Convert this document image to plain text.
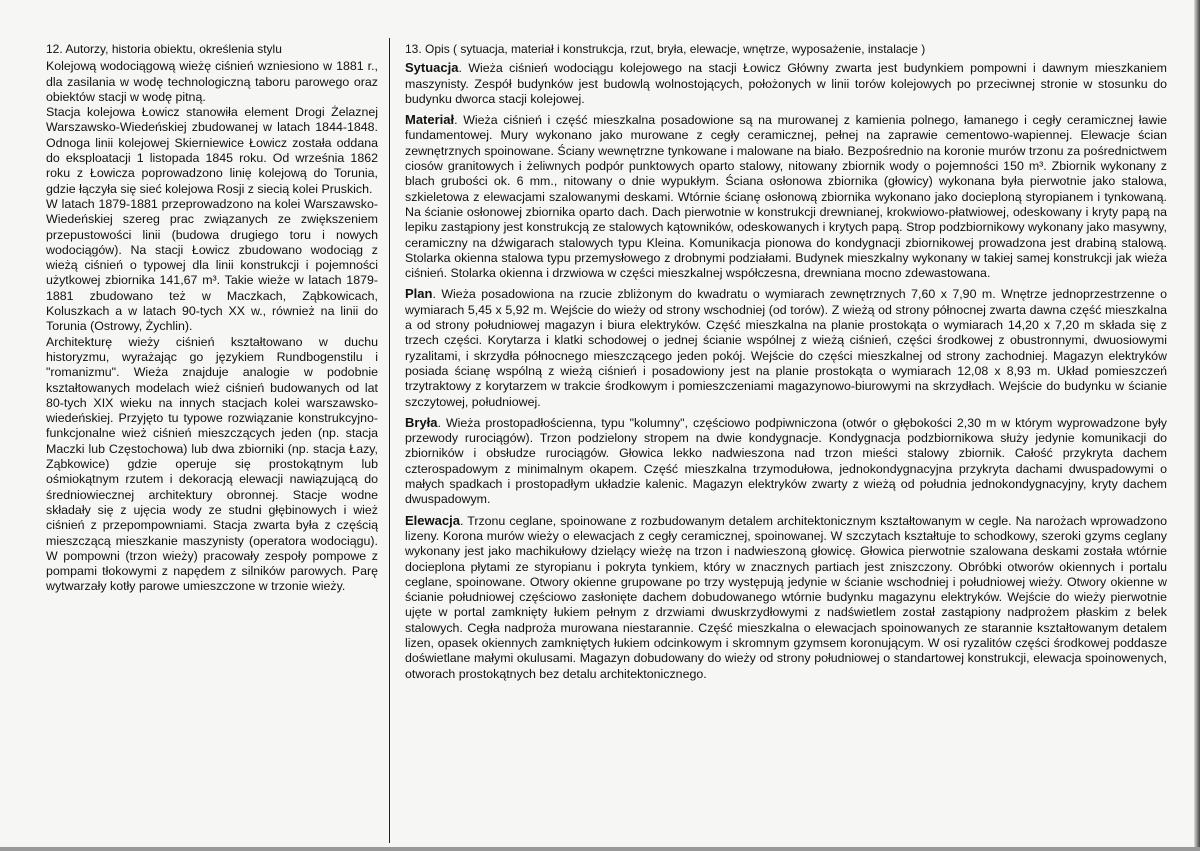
12. Autorzy, historia obiektu, określenia stylu

Kolejową wodociągową wieżę ciśnień wzniesiono w 1881 r., dla zasilania w wodę technologiczną taboru parowego oraz obiektów stacji w wodę pitną.

Stacja kolejowa Łowicz stanowiła element Drogi Żelaznej Warszawsko-Wiedeńskiej zbudowanej w latach 1844-1848. Odnoga linii kolejowej Skierniewice Łowicz została oddana do eksploatacji 1 listopada 1845 roku. Od września 1862 roku z Łowicza poprowadzono linię kolejową do Torunia, gdzie łączyła się sieć kolejowa Rosji z siecią kolei Pruskich.

W latach 1879-1881 przeprowadzono na kolei Warszawsko-Wiedeńskiej szereg prac związanych ze zwiększeniem przepustowości linii (budowa drugiego toru i nowych wodociągów). Na stacji Łowicz zbudowano wodociąg z wieżą ciśnień o typowej dla linii konstrukcji i pojemności użytkowej zbiornika 141,67 m³. Takie wieże w latach 1879-1881 zbudowano też w Maczkach, Ząbkowicach, Koluszkach a w latach 90-tych XX w., również na linii do Torunia (Ostrowy, Żychlin).

Architekturę wieży ciśnień kształtowano w duchu historyzmu, wyrażając go językiem Rundbogenstilu i "romanizmu". Wieża znajduje analogie w podobnie kształtowanych modelach wież ciśnień budowanych od lat 80-tych XIX wieku na innych stacjach kolei warszawsko-wiedeńskiej. Przyjęto tu typowe rozwiązanie konstrukcyjno-funkcjonalne wież ciśnień mieszczących jeden (np. stacja Maczki lub Częstochowa) lub dwa zbiorniki (np. stacja Łazy, Ząbkowice) gdzie operuje się prostokątnym lub ośmiokątnym rzutem i dekoracją elewacji nawiązującą do średniowiecznej architektury obronnej. Stacje wodne składały się z ujęcia wody ze studni głębinowych i wież ciśnień z przepompowniami. Stacja zwarta była z częścią mieszczącą mieszkanie maszynisty (operatora wodociągu). W pompowni (trzon wieży) pracowały zespoły pompowe z pompami tłokowymi z napędem z silników parowych. Parę wytwarzały kotły parowe umieszczone w trzonie wieży.

13. Opis ( sytuacja, materiał i konstrukcja, rzut, bryła, elewacje, wnętrze, wyposażenie, instalacje )
Sytuacja. Wieża ciśnień wodociągu kolejowego na stacji Łowicz Główny zwarta jest budynkiem pompowni i dawnym mieszkaniem maszynisty. Zespół budynków jest budowlą wolnostojących, położonych w linii torów kolejowych po przeciwnej stronie w stosunku do budynku dworca stacji kolejowej.
Materiał. Wieża ciśnień i część mieszkalna posadowione są na murowanej z kamienia polnego, łamanego i cegły ceramicznej ławie fundamentowej. Mury wykonano jako murowane z cegły ceramicznej, pełnej na zaprawie cementowo-wapiennej. Elewacje ścian zewnętrznych spoinowane. Ściany wewnętrzne tynkowane i malowane na biało. Bezpośrednio na koronie murów trzonu za pośrednictwem ciosów granitowych i żeliwnych podpór punktowych oparto stalowy, nitowany zbiornik wody o pojemności 150 m³. Zbiornik wykonany z blach grubości ok. 6 mm., nitowany o dnie wypukłym. Ściana osłonowa zbiornika (głowicy) wykonana była pierwotnie jako stalowa, szkieletowa z elewacjami szalowanymi deskami. Wtórnie ścianę osłonową zbiornika wykonano jako docieploną styropianem i tynkowaną. Na ścianie osłonowej zbiornika oparto dach. Dach pierwotnie w konstrukcji drewnianej, krokwiowo-płatwiowej, odeskowany i kryty papą na lepiku zastąpiony jest konstrukcją ze stalowych kątowników, odeskowanych i krytych papą. Strop podzbiornikowy wykonany jako masywny, ceramiczny na dźwigarach stalowych typu Kleina. Komunikacja pionowa do kondygnacji zbiornikowej prowadzona jest drabiną stalową. Stolarka okienna stalowa typu przemysłowego z drobnymi podziałami. Budynek mieszkalny wykonany w takiej samej konstrukcji jak wieża ciśnień. Stolarka okienna i drzwiowa w części mieszkalnej współczesna, drewniana mocno zdewastowana.
Plan. Wieża posadowiona na rzucie zbliżonym do kwadratu o wymiarach zewnętrznych 7,60 x 7,90 m. Wnętrze jednoprzestrzenne o wymiarach 5,45 x 5,92 m. Wejście do wieży od strony wschodniej (od torów). Z wieżą od strony północnej zwarta dawna część mieszkalna a od strony południowej magazyn i biura elektryków. Część mieszkalna na planie prostokąta o wymiarach 14,20 x 7,20 m składa się z trzech części. Korytarza i klatki schodowej o jednej ścianie wspólnej z wieżą ciśnień, części środkowej z obustronnymi, dwuosiowymi ryzalitami, i skrzydła północnego mieszczącego jeden pokój. Wejście do części mieszkalnej od strony zachodniej. Magazyn elektryków posiada ścianę wspólną z wieżą ciśnień i posadowiony jest na planie prostokąta o wymiarach 12,08 x 8,93 m. Układ pomieszczeń trzytraktowy z korytarzem w trakcie środkowym i pomieszczeniami magazynowo-biurowymi na skrzydłach. Wejście do budynku w ścianie szczytowej, południowej.
Bryła. Wieża prostopadłościenna, typu "kolumny", częściowo podpiwniczona (otwór o głębokości 2,30 m w którym wyprowadzone były przewody rurociągów). Trzon podzielony stropem na dwie kondygnacje. Kondygnacja podzbiornikowa służy jedynie komunikacji do zbiorników i obsłudze rurociągów. Głowica lekko nadwieszona nad trzon mieści stalowy zbiornik. Całość przykryta dachem czterospadowym z minimalnym okapem. Część mieszkalna trzymodułowa, jednokondygnacyjna przykryta dachami dwuspadowymi o małych spadkach i prostopadłym układzie kalenic. Magazyn elektryków zwarty z wieżą od południa jednokondygnacyjny, kryty dachem dwuspadowym.
Elewacja. Trzonu ceglane, spoinowane z rozbudowanym detalem architektonicznym kształtowanym w cegle. Na narożach wprowadzono lizeny. Korona murów wieży o elewacjach z cegły ceramicznej, spoinowanej. W szczytach kształtuje to schodkowy, szeroki gzyms ceglany wykonany jest jako machikułowy dzielący wieżę na trzon i nadwieszoną głowicę. Głowica pierwotnie szalowana deskami została wtórnie docieplona płytami ze styropianu i pokryta tynkiem, który w znacznych partiach jest zniszczony. Obróbki otworów okiennych i portalu ceglane, spoinowane. Otwory okienne grupowane po trzy występują jedynie w ścianie wschodniej i południowej wieży. Otwory okienne w ścianie południowej częściowo zasłonięte dachem dobudowanego wtórnie budynku magazynu elektryków. Wejście do wieży pierwotnie ujęte w portal zamknięty łukiem pełnym z drzwiami dwuskrzydłowymi z nadświetlem został zastąpiony nadprożem płaskim z belek stalowych. Cegła nadproża murowana niestarannie. Część mieszkalna o elewacjach spoinowanych ze starannie kształtowanym detalem lizen, opasek okiennych zamkniętych łukiem odcinkowym i skromnym gzymsem koronującym. W osi ryzalitów części środkowej poddasze doświetlane małymi okulusami. Magazyn dobudowany do wieży od strony południowej o standartowej konstrukcji, elewacja spoinowenych, otworach prostokątnych bez detalu architektonicznego.
